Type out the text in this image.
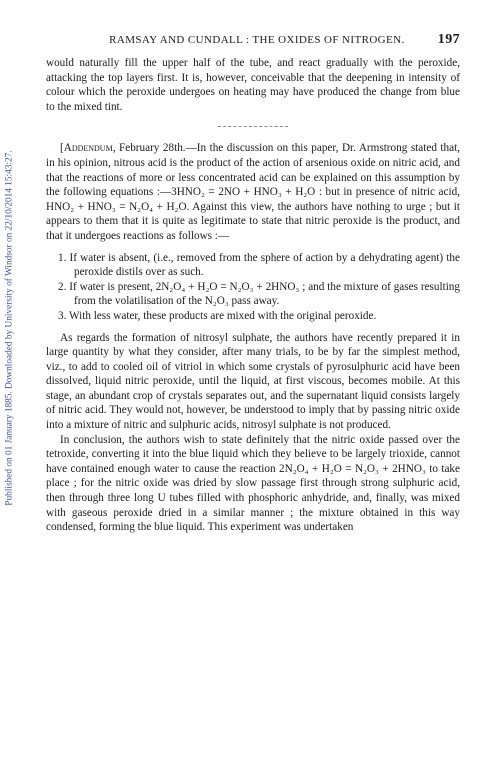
Published on 01 January 1885. Downloaded by University of Windsor on 22/10/2014 15:43:27.
RAMSAY AND CUNDALL : THE OXIDES OF NITROGEN.	197

would naturally fill the upper half of the tube, and react gradually with the peroxide, attacking the top layers first. It is, however, conceivable that the deepening in intensity of colour which the peroxide undergoes on heating may have produced the change from blue to the mixed tint.

[Addendum, February 28th.—In the discussion on this paper, Dr. Armstrong stated that, in his opinion, nitrous acid is the product of the action of arsenious oxide on nitric acid, and that the reactions of more or less concentrated acid can be explained on this assumption by the following equations :—3HNO₂ = 2NO + HNO₃ + H₂O : but in presence of nitric acid, HNO₂ + HNO₃ = N₂O₄ + H₂O. Against this view, the authors have nothing to urge ; but it appears to them that it is quite as legitimate to state that nitric peroxide is the product, and that it undergoes reactions as follows :—

1. If water is absent, (i.e., removed from the sphere of action by a dehydrating agent) the peroxide distils over as such.
2. If water is present, 2N₂O₄ + H₂O = N₂O₃ + 2HNO₃ ; and the mixture of gases resulting from the volatilisation of the N₂O₃ pass away.
3. With less water, these products are mixed with the original peroxide.

As regards the formation of nitrosyl sulphate, the authors have recently prepared it in large quantity by what they consider, after many trials, to be by far the simplest method, viz., to add to cooled oil of vitriol in which some crystals of pyrosulphuric acid have been dissolved, liquid nitric peroxide, until the liquid, at first viscous, becomes mobile. At this stage, an abundant crop of crystals separates out, and the supernatant liquid consists largely of nitric acid. They would not, however, be understood to imply that by passing nitric oxide into a mixture of nitric and sulphuric acids, nitrosyl sulphate is not produced.

In conclusion, the authors wish to state definitely that the nitric oxide passed over the tetroxide, converting it into the blue liquid which they believe to be largely trioxide, cannot have contained enough water to cause the reaction 2N₂O₄ + H₂O = N₂O₃ + 2HNO₃ to take place ; for the nitric oxide was dried by slow passage first through strong sulphuric acid, then through three long U tubes filled with phosphoric anhydride, and, finally, was mixed with gaseous peroxide dried in a similar manner ; the mixture obtained in this way condensed, forming the blue liquid. This experiment was undertaken
